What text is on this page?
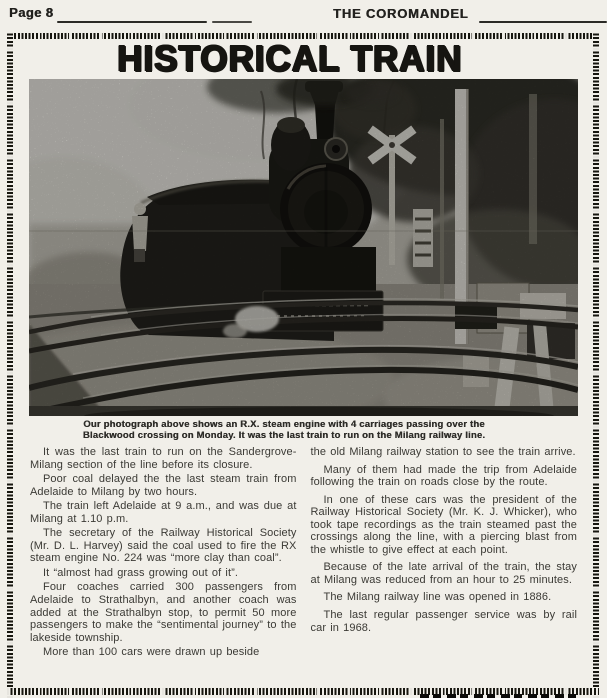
Page 8	THE COROMANDEL
HISTORICAL TRAIN
Our photograph above shows an R.X. steam engine with 4 carriages passing over the
Blackwood crossing on Monday. It was the last train to run on the Milang railway line.

It was the last train to run on the Sandergrove-Milang section of the line before its closure.

Poor coal delayed the the last steam train from Adelaide to Milang by two hours.

The train left Adelaide at 9 a.m., and was due at Milang at 1.10 p.m.

The secretary of the Railway Historical Society (Mr. D. L. Harvey) said the coal used to fire the RX steam engine No. 224 was “more clay than coal”.

It “almost had grass growing out of it”.

Four coaches carried 300 passengers from Adelaide to Strathalbyn, and another coach was added at the Strathalbyn stop, to permit 50 more passengers to make the “sentimental journey” to the lakeside township.

More than 100 cars were drawn up beside

the old Milang railway station to see the train arrive.

Many of them had made the trip from Adelaide following the train on roads close by the route.

In one of these cars was the president of the Railway Historical Society (Mr. K. J. Whicker), who took tape recordings as the train steamed past the crossings along the line, with a piercing blast from the whistle to give effect at each point.

Because of the late arrival of the train, the stay at Milang was reduced from an hour to 25 minutes.

The Milang railway line was opened in 1886.

The last regular passenger service was by rail car in 1968.
